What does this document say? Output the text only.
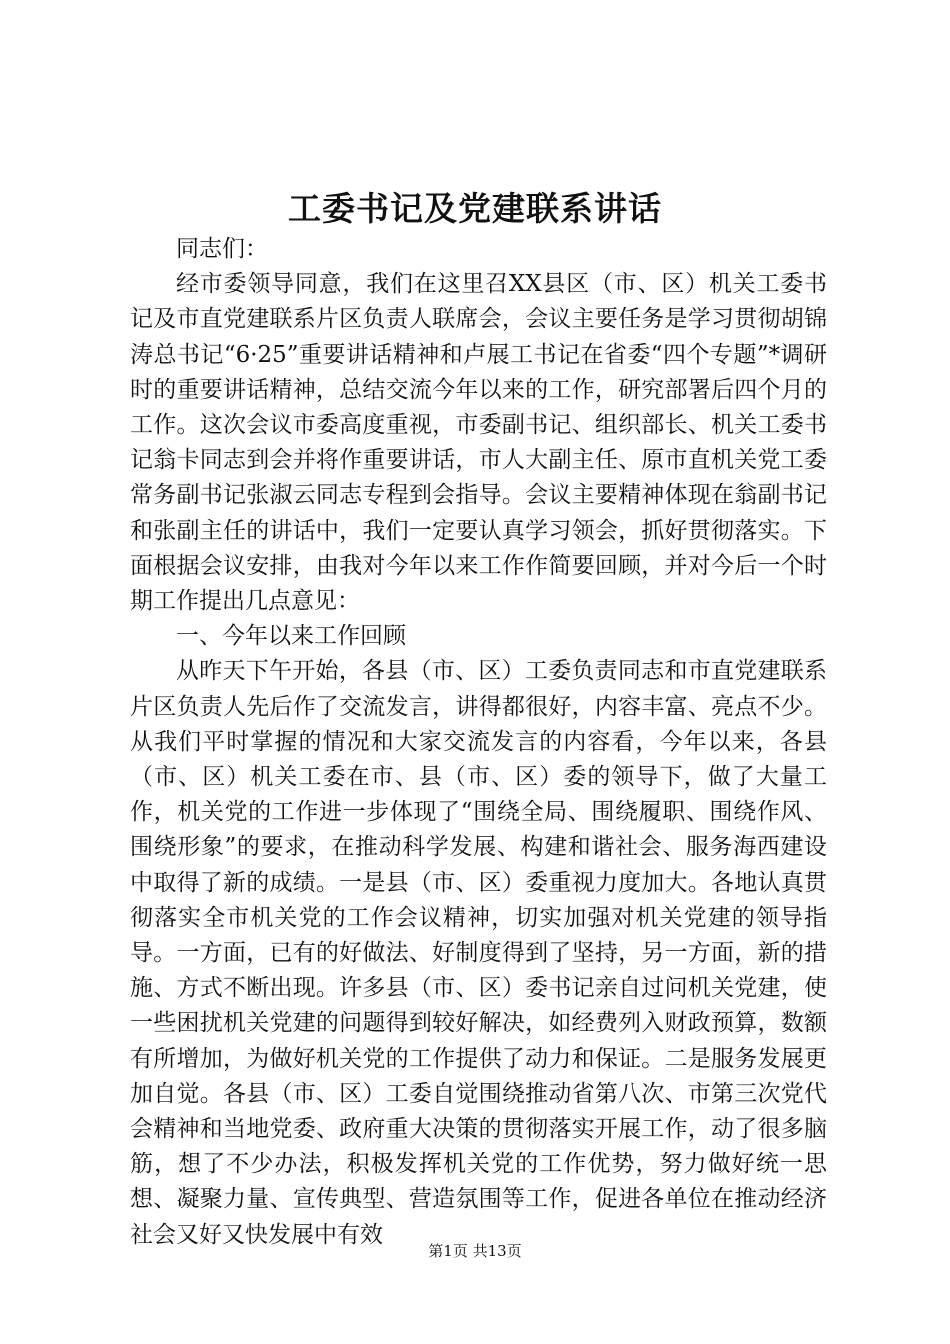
工委书记及党建联系讲话

同志们：

经市委领导同意，我们在这里召XX县区（市、区）机关工委书记及市直党建联系片区负责人联席会，会议主要任务是学习贯彻胡锦涛总书记“6·25”重要讲话精神和卢展工书记在省委“四个专题”*调研时的重要讲话精神，总结交流今年以来的工作，研究部署后四个月的工作。这次会议市委高度重视，市委副书记、组织部长、机关工委书记翁卡同志到会并将作重要讲话，市人大副主任、原市直机关党工委常务副书记张淑云同志专程到会指导。会议主要精神体现在翁副书记和张副主任的讲话中，我们一定要认真学习领会，抓好贯彻落实。下面根据会议安排，由我对今年以来工作作简要回顾，并对今后一个时期工作提出几点意见：

一、今年以来工作回顾

从昨天下午开始，各县（市、区）工委负责同志和市直党建联系片区负责人先后作了交流发言，讲得都很好，内容丰富、亮点不少。从我们平时掌握的情况和大家交流发言的内容看，今年以来，各县（市、区）机关工委在市、县（市、区）委的领导下，做了大量工作，机关党的工作进一步体现了“围绕全局、围绕履职、围绕作风、围绕形象”的要求，在推动科学发展、构建和谐社会、服务海西建设中取得了新的成绩。一是县（市、区）委重视力度加大。各地认真贯彻落实全市机关党的工作会议精神，切实加强对机关党建的领导指导。一方面，已有的好做法、好制度得到了坚持，另一方面，新的措施、方式不断出现。许多县（市、区）委书记亲自过问机关党建，使一些困扰机关党建的问题得到较好解决，如经费列入财政预算，数额有所增加，为做好机关党的工作提供了动力和保证。二是服务发展更加自觉。各县（市、区）工委自觉围绕推动省第八次、市第三次党代会精神和当地党委、政府重大决策的贯彻落实开展工作，动了很多脑筋，想了不少办法，积极发挥机关党的工作优势，努力做好统一思想、凝聚力量、宣传典型、营造氛围等工作，促进各单位在推动经济社会又好又快发展中有效

第1页 共13页
